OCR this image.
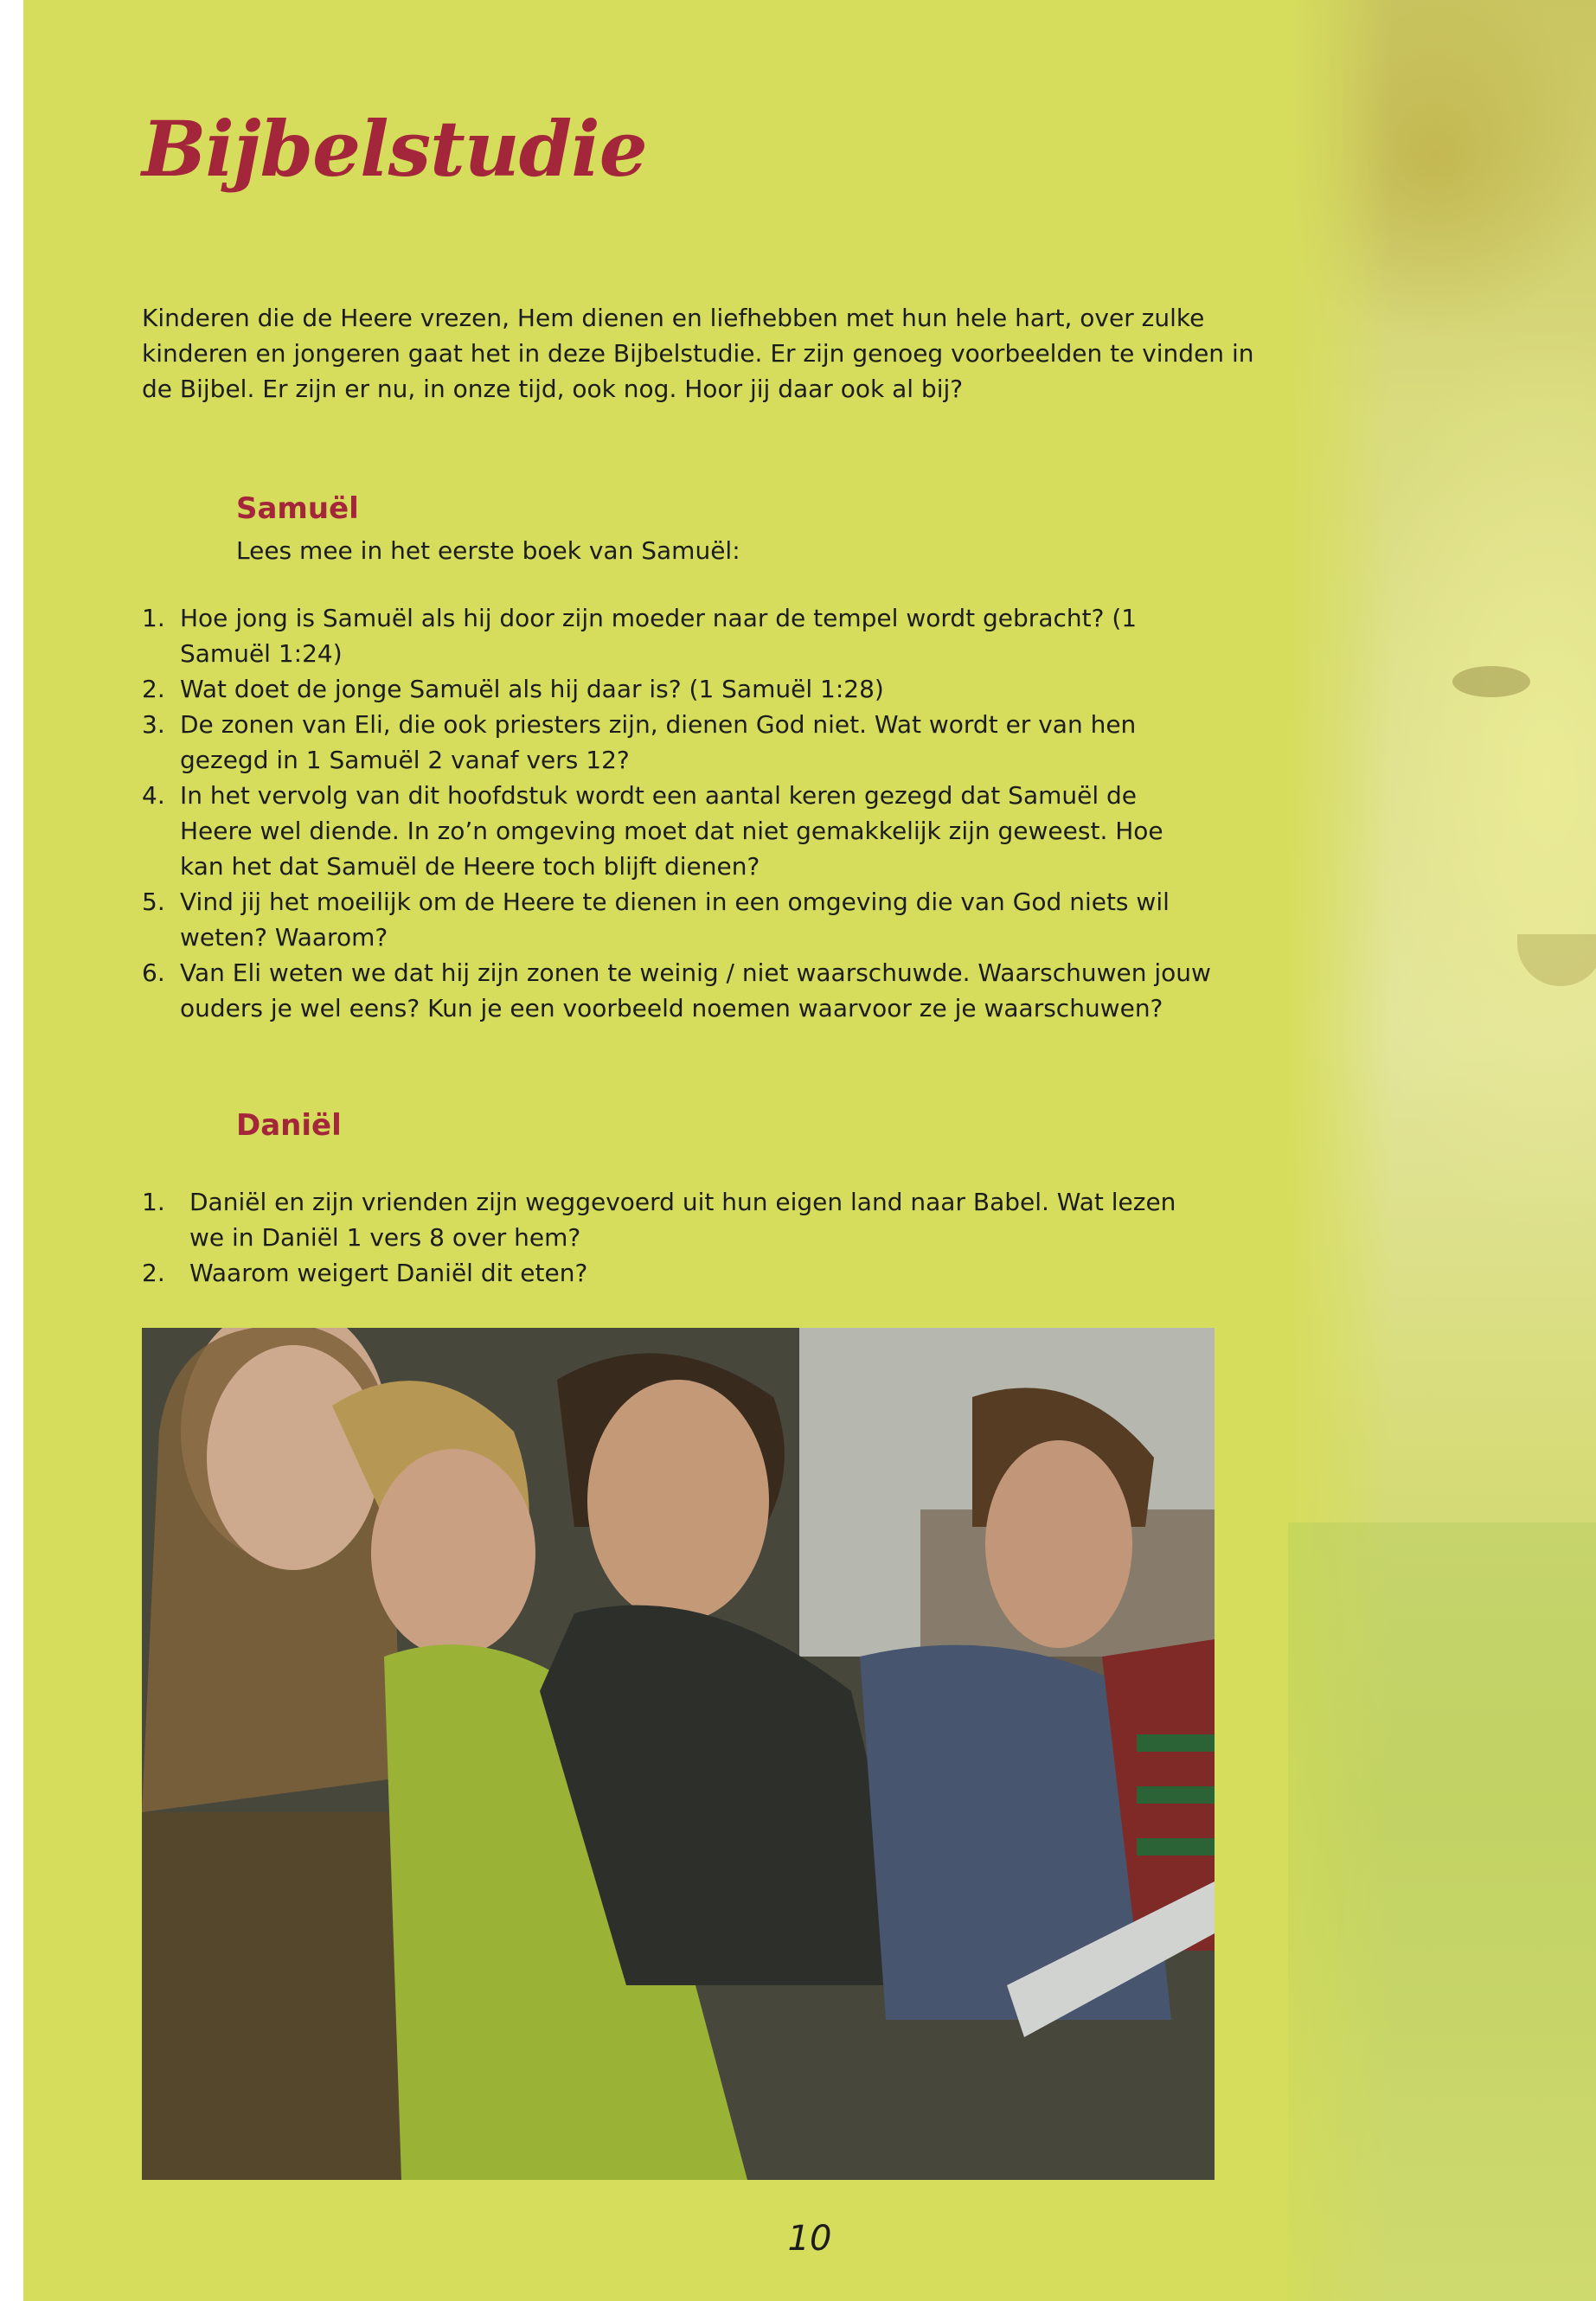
Bijbelstudie

Kinderen die de Heere vrezen, Hem dienen en liefhebben met hun hele hart, over zulke kinderen en jongeren gaat het in deze Bijbelstudie. Er zijn genoeg voorbeelden te vinden in de Bijbel. Er zijn er nu, in onze tijd, ook nog. Hoor jij daar ook al bij?

Samuël

Lees mee in het eerste boek van Samuël:

1. Hoe jong is Samuël als hij door zijn moeder naar de tempel wordt gebracht? (1 Samuël 1:24)
2. Wat doet de jonge Samuël als hij daar is? (1 Samuël 1:28)
3. De zonen van Eli, die ook priesters zijn, dienen God niet. Wat wordt er van hen gezegd in 1 Samuël 2 vanaf vers 12?
4. In het vervolg van dit hoofdstuk wordt een aantal keren gezegd dat Samuël de Heere wel diende. In zo’n omgeving moet dat niet gemakkelijk zijn geweest. Hoe kan het dat Samuël de Heere toch blijft dienen?
5. Vind jij het moeilijk om de Heere te dienen in een omgeving die van God niets wil weten? Waarom?
6. Van Eli weten we dat hij zijn zonen te weinig / niet waarschuwde. Waarschuwen jouw ouders je wel eens? Kun je een voorbeeld noemen waarvoor ze je waarschuwen?
Daniël
1. Daniël en zijn vrienden zijn weggevoerd uit hun eigen land naar Babel. Wat lezen we in Daniël 1 vers 8 over hem?
2. Waarom weigert Daniël dit eten?

10
